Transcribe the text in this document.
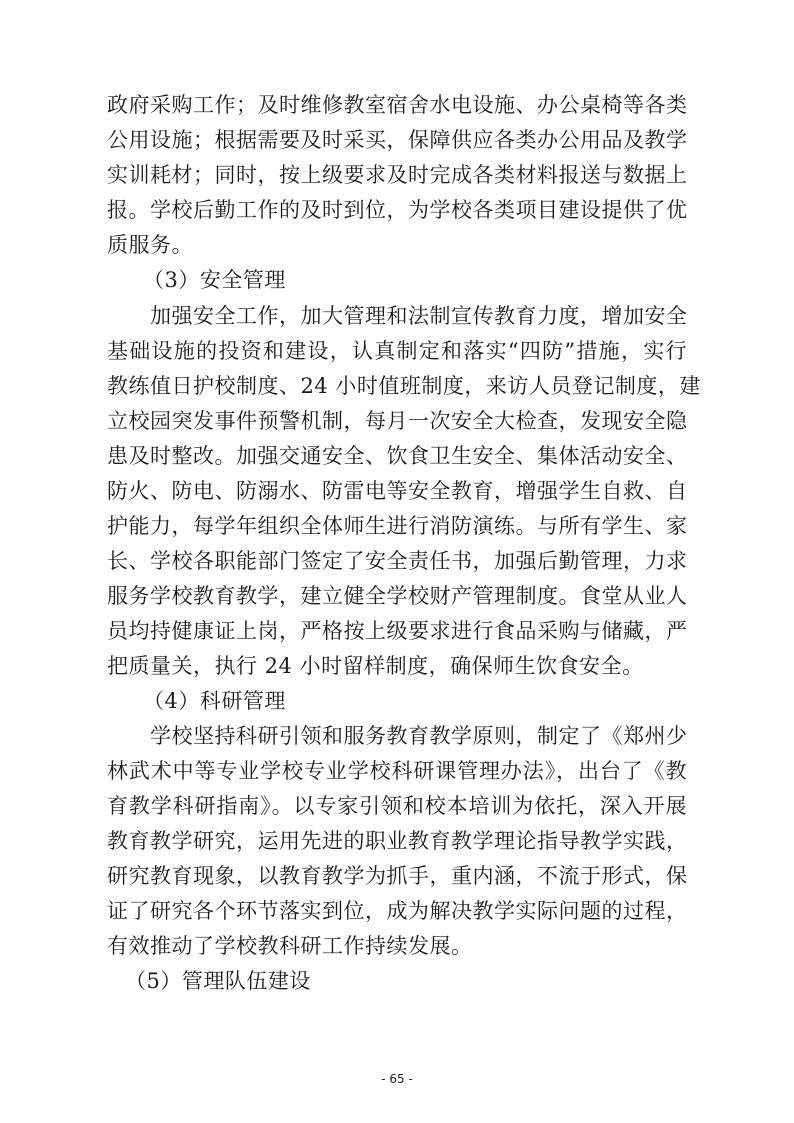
政府采购工作；及时维修教室宿舍水电设施、办公桌椅等各类
公用设施；根据需要及时采买，保障供应各类办公用品及教学
实训耗材；同时，按上级要求及时完成各类材料报送与数据上
报。学校后勤工作的及时到位，为学校各类项目建设提供了优
质服务。
（3）安全管理
加强安全工作，加大管理和法制宣传教育力度，增加安全
基础设施的投资和建设，认真制定和落实“四防”措施，实行
教练值日护校制度、24 小时值班制度，来访人员登记制度，建
立校园突发事件预警机制，每月一次安全大检查，发现安全隐
患及时整改。加强交通安全、饮食卫生安全、集体活动安全、
防火、防电、防溺水、防雷电等安全教育，增强学生自救、自
护能力，每学年组织全体师生进行消防演练。与所有学生、家
长、学校各职能部门签定了安全责任书，加强后勤管理，力求
服务学校教育教学，建立健全学校财产管理制度。食堂从业人
员均持健康证上岗，严格按上级要求进行食品采购与储藏，严
把质量关，执行 24 小时留样制度，确保师生饮食安全。
（4）科研管理
学校坚持科研引领和服务教育教学原则，制定了《郑州少
林武术中等专业学校专业学校科研课管理办法》，出台了《教
育教学科研指南》。以专家引领和校本培训为依托，深入开展
教育教学研究，运用先进的职业教育教学理论指导教学实践，
研究教育现象，以教育教学为抓手，重内涵，不流于形式，保
证了研究各个环节落实到位，成为解决教学实际问题的过程，
有效推动了学校教科研工作持续发展。
（5）管理队伍建设
- 65 -
